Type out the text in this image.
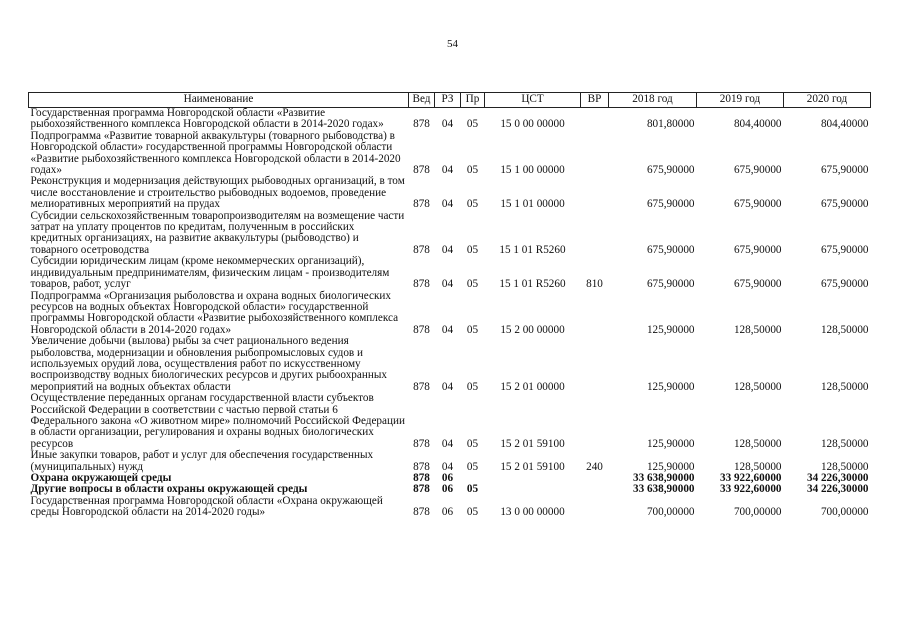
54
Наименование	Вед	РЗ	Пр	ЦСТ	ВР	2018 год	2019 год	2020 год
Государственная программа Новгородской области «Развитие рыбохозяйственного комплекса Новгородской области в 2014-2020 годах»	878	04	05	15 0 00 00000		801,80000	804,40000	804,40000
Подпрограмма «Развитие товарной аквакультуры (товарного рыбоводства) в Новгородской области» государственной программы Новгородской области «Развитие рыбохозяйственного комплекса Новгородской области в 2014-2020 годах»	878	04	05	15 1 00 00000		675,90000	675,90000	675,90000
Реконструкция и модернизация действующих рыбоводных организаций, в том числе восстановление и строительство рыбоводных водоемов, проведение мелиоративных мероприятий на прудах	878	04	05	15 1 01 00000		675,90000	675,90000	675,90000
Субсидии сельскохозяйственным товаропроизводителям на возмещение части затрат на уплату процентов по кредитам, полученным в российских кредитных организациях, на развитие аквакультуры (рыбоводство) и товарного осетроводства	878	04	05	15 1 01 R5260		675,90000	675,90000	675,90000
Субсидии юридическим лицам (кроме некоммерческих организаций), индивидуальным предпринимателям, физическим лицам - производителям товаров, работ, услуг	878	04	05	15 1 01 R5260	810	675,90000	675,90000	675,90000
Подпрограмма «Организация рыболовства и охрана водных биологических ресурсов на водных объектах Новгородской области» государственной программы Новгородской области «Развитие рыбохозяйственного комплекса Новгородской области в 2014-2020 годах»	878	04	05	15 2 00 00000		125,90000	128,50000	128,50000
Увеличение добычи (вылова) рыбы за счет рационального ведения рыболовства, модернизации и обновления рыбопромысловых судов и используемых орудий лова, осуществления работ по искусственному воспроизводству водных биологических ресурсов и других рыбоохранных мероприятий на водных объектах области	878	04	05	15 2 01 00000		125,90000	128,50000	128,50000
Осуществление переданных органам государственной власти субъектов Российской Федерации в соответствии с частью первой статьи 6 Федерального закона «О животном мире» полномочий Российской Федерации в области организации, регулирования и охраны водных биологических ресурсов	878	04	05	15 2 01 59100		125,90000	128,50000	128,50000
Иные закупки товаров, работ и услуг для обеспечения государственных (муниципальных) нужд	878	04	05	15 2 01 59100	240	125,90000	128,50000	128,50000
Охрана окружающей среды	878	06				33 638,90000	33 922,60000	34 226,30000
Другие вопросы в области охраны окружающей среды	878	06	05			33 638,90000	33 922,60000	34 226,30000
Государственная программа Новгородской области «Охрана окружающей среды Новгородской области на 2014-2020 годы»	878	06	05	13 0 00 00000		700,00000	700,00000	700,00000
